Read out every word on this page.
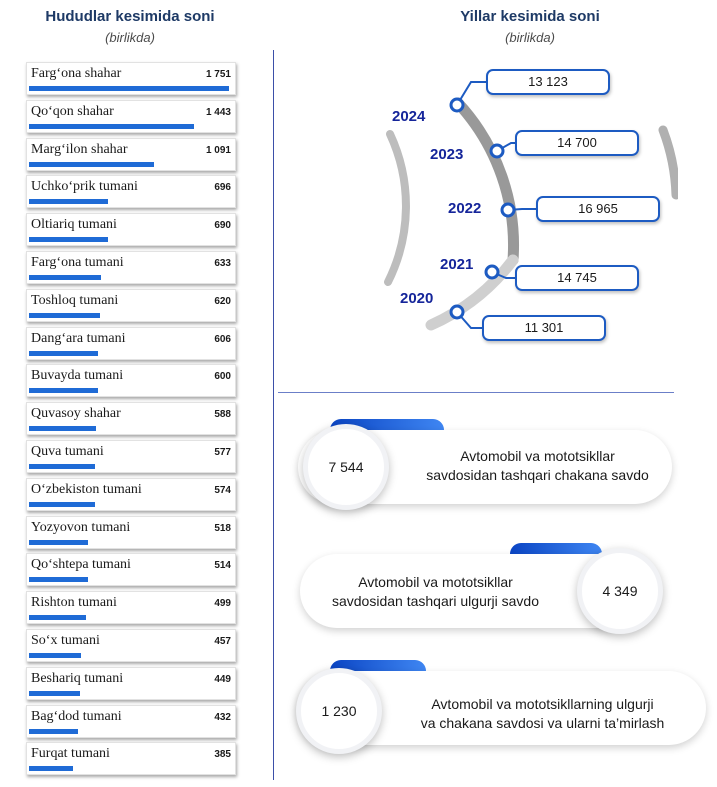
Hududlar kesimida soni
(birlikda)
Yillar kesimida soni
(birlikda)
Farg‘ona shahar	1 751
Qo‘qon shahar	1 443
Marg‘ilon shahar	1 091
Uchko‘prik tumani	696
Oltiariq tumani	690
Farg‘ona tumani	633
Toshloq tumani	620
Dang‘ara tumani	606
Buvayda tumani	600
Quvasoy shahar	588
Quva tumani	577
O‘zbekiston tumani	574
Yozyovon tumani	518
Qo‘shtepa tumani	514
Rishton tumani	499
So‘x tumani	457
Beshariq tumani	449
Bag‘dod tumani	432
Furqat tumani	385
2024
13 123
2023
14 700
2022	16 965
2021
14 745
2020
11 301
7 544
Avtomobil va mototsikllar
savdosidan tashqari chakana savdo
4 349
Avtomobil va mototsikllar
savdosidan tashqari ulgurji savdo
1 230	Avtomobil va mototsikllarning ulgurji
va chakana savdosi va ularni ta’mirlash
